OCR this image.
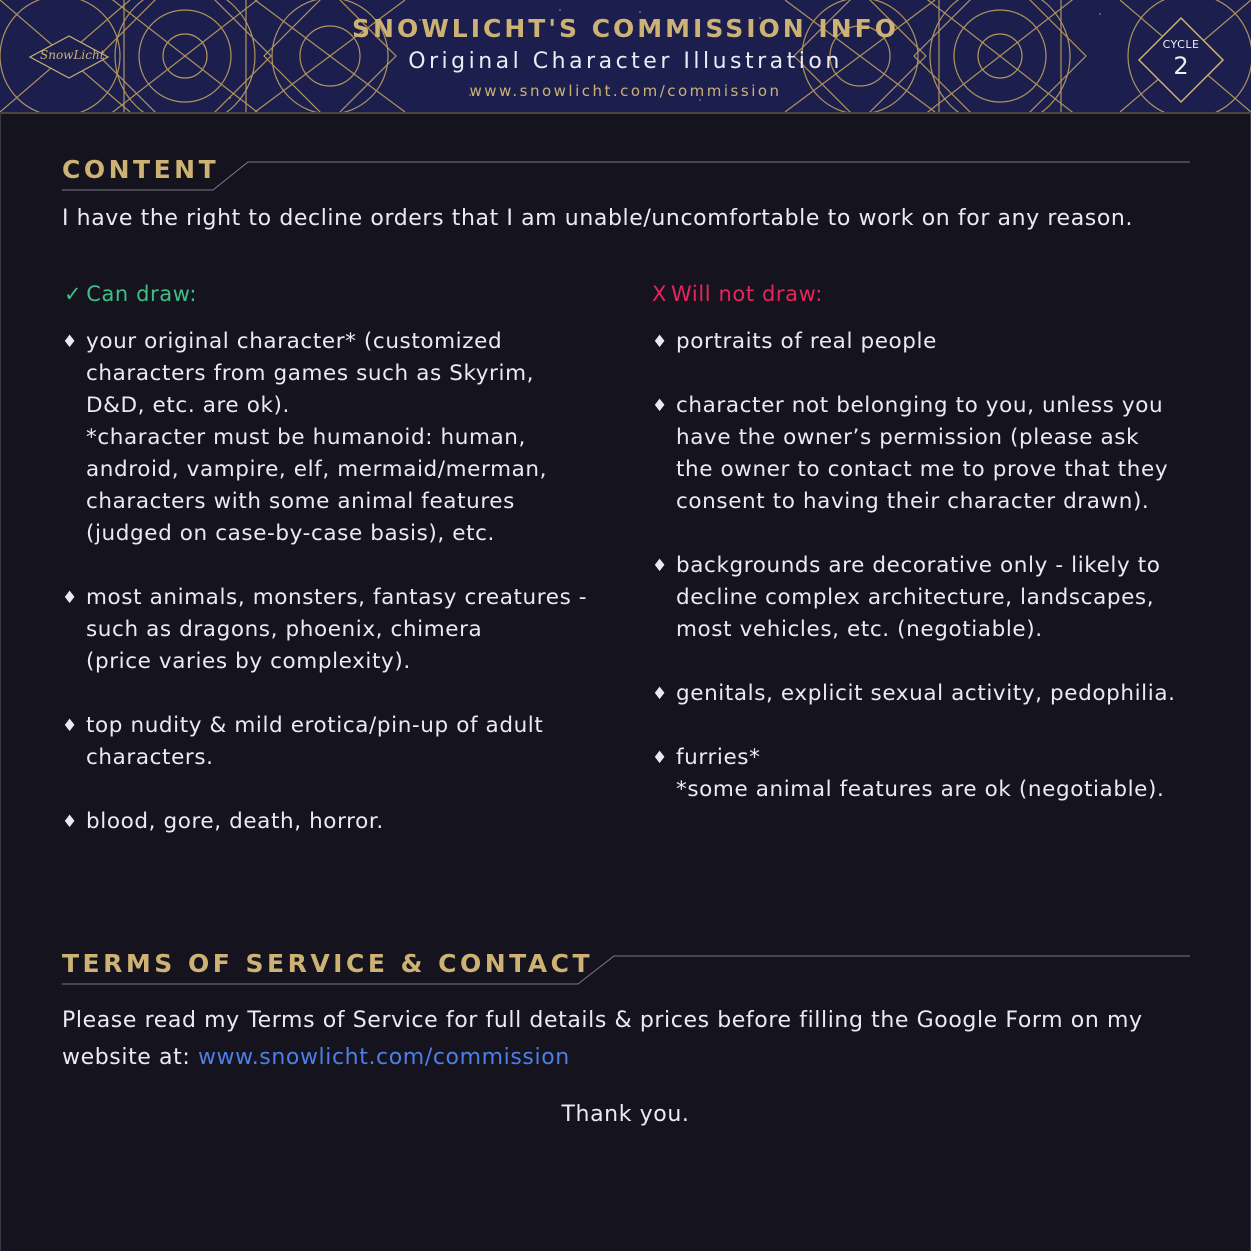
SnowLicht
SNOWLICHT'S COMMISSION INFO
Original Character Illustration
www.snowlicht.com/commission
CYCLE
2
CONTENT
I have the right to decline orders that I am unable/uncomfortable to work on for any reason.
✓ Can draw:	X Will not draw:
♦ your original character* (customized
characters from games such as Skyrim,
D&D, etc. are ok).
*character must be humanoid: human,
android, vampire, elf, mermaid/merman,
characters with some animal features
(judged on case-by-case basis), etc.
♦ most animals, monsters, fantasy creatures -
such as dragons, phoenix, chimera
(price varies by complexity).
♦ top nudity & mild erotica/pin-up of adult
characters.
♦ blood, gore, death, horror.
♦ portraits of real people
♦ character not belonging to you, unless you
have the owner’s permission (please ask
the owner to contact me to prove that they
consent to having their character drawn).
♦ backgrounds are decorative only - likely to
decline complex architecture, landscapes,
most vehicles, etc. (negotiable).
♦ genitals, explicit sexual activity, pedophilia.
♦ furries*
*some animal features are ok (negotiable).
TERMS OF SERVICE & CONTACT
Please read my Terms of Service for full details & prices before filling the Google Form on my
website at: www.snowlicht.com/commission
Thank you.
